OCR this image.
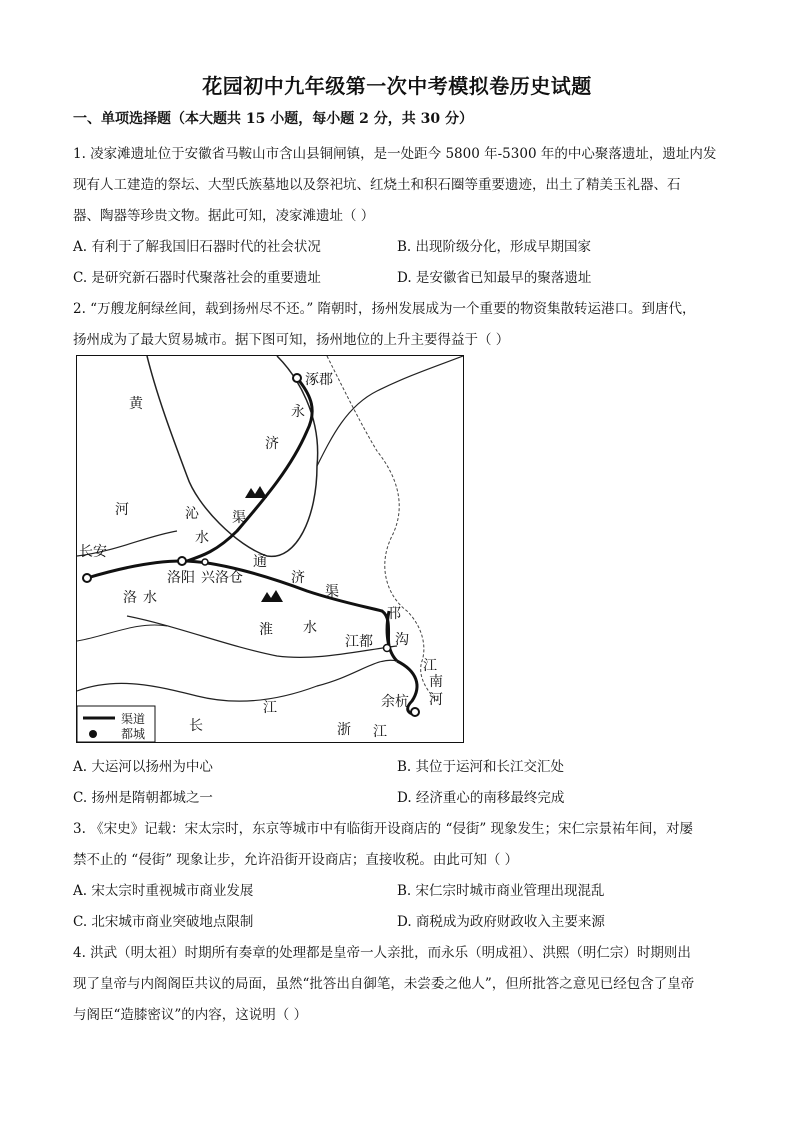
花园初中九年级第一次中考模拟卷历史试题
一、单项选择题（本大题共 15 小题，每小题 2 分，共 30 分）
1. 凌家滩遗址位于安徽省马鞍山市含山县铜闸镇，是一处距今 5800 年-5300 年的中心聚落遗址，遗址内发
现有人工建造的祭坛、大型氏族墓地以及祭祀坑、红烧土和积石圈等重要遗迹，出土了精美玉礼器、石
器、陶器等珍贵文物。据此可知，凌家滩遗址（ ）
A. 有利于了解我国旧石器时代的社会状况	B. 出现阶级分化，形成早期国家
C. 是研究新石器时代聚落社会的重要遗址	D. 是安徽省已知最早的聚落遗址
2. “万艘龙舸绿丝间，载到扬州尽不还。” 隋朝时，扬州发展成为一个重要的物资集散转运港口。到唐代，
扬州成为了最大贸易城市。据下图可知，扬州地位的上升主要得益于（ ）
涿郡
永
济
沁
水
渠
黄
河
长安
洛阳 兴洛仓
通
济
渠
洛 水
淮 水
江都
邗
沟
江
南
河
余杭
江
长	浙 江
渠道
都城
A. 大运河以扬州为中心	B. 其位于运河和长江交汇处
C. 扬州是隋朝都城之一	D. 经济重心的南移最终完成
3. 《宋史》记载：宋太宗时，东京等城市中有临街开设商店的 “侵街” 现象发生；宋仁宗景祐年间，对屡
禁不止的 “侵街” 现象让步，允许沿街开设商店；直接收税。由此可知（ ）
A. 宋太宗时重视城市商业发展	B. 宋仁宗时城市商业管理出现混乱
C. 北宋城市商业突破地点限制	D. 商税成为政府财政收入主要来源
4. 洪武（明太祖）时期所有奏章的处理都是皇帝一人亲批，而永乐（明成祖）、洪熙（明仁宗）时期则出
现了皇帝与内阁阁臣共议的局面，虽然“批答出自御笔，未尝委之他人”，但所批答之意见已经包含了皇帝
与阁臣“造膝密议”的内容，这说明（ ）
